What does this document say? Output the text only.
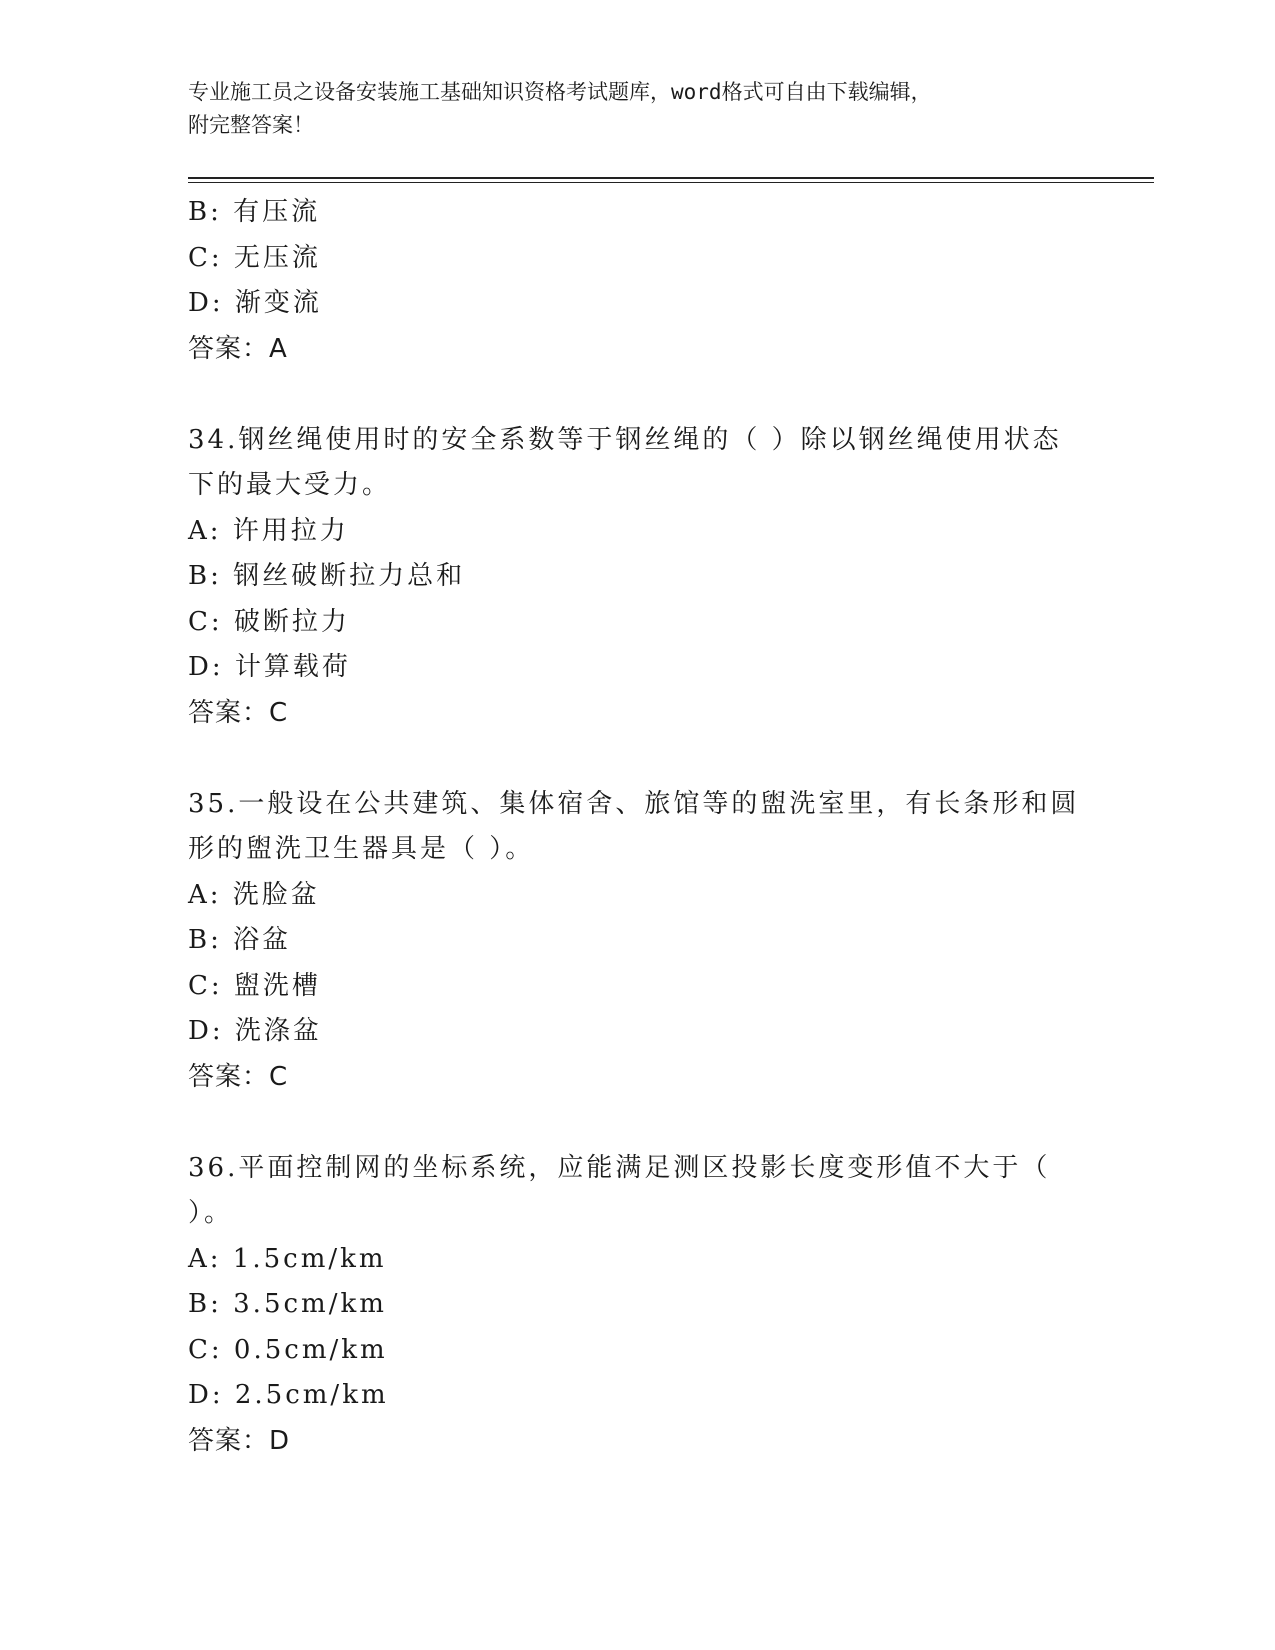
专业施工员之设备安装施工基础知识资格考试题库，word格式可自由下载编辑，
附完整答案！
B: 有压流
C: 无压流
D: 渐变流
答案：A
34.钢丝绳使用时的安全系数等于钢丝绳的（ ）除以钢丝绳使用状态
下的最大受力。
A: 许用拉力
B: 钢丝破断拉力总和
C: 破断拉力
D: 计算载荷
答案：C
35.一般设在公共建筑、集体宿舍、旅馆等的盥洗室里，有长条形和圆
形的盥洗卫生器具是（ ）。
A: 洗脸盆
B: 浴盆
C: 盥洗槽
D: 洗涤盆
答案：C
36.平面控制网的坐标系统，应能满足测区投影长度变形值不大于（
）。
A: 1.5cm/km
B: 3.5cm/km
C: 0.5cm/km
D: 2.5cm/km
答案：D
